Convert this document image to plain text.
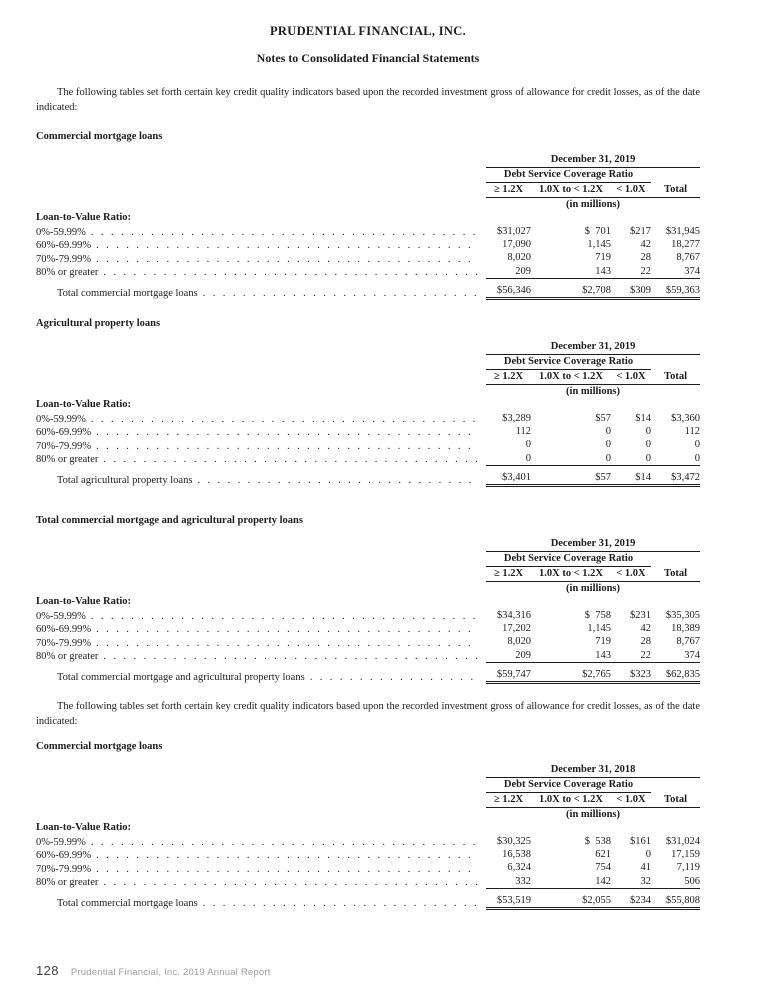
PRUDENTIAL FINANCIAL, INC.
Notes to Consolidated Financial Statements

The following tables set forth certain key credit quality indicators based upon the recorded investment gross of allowance for credit losses, as of the date indicated:

Commercial mortgage loans
	December 31, 2019			
	Debt Service Coverage Ratio			
	≥ 1.2X	1.0X to < 1.2X	< 1.0X	Total
	(in millions)			
Loan-to-Value Ratio:				

0%-59.99%
. . .	$31,027	$  701	$217	$31,945

60%-69.99%
. . .	17,090	1,145	42	18,277

70%-79.99%
. . .	8,020	719	28	8,767

80% or greater
. . .	209	143	22	374

Total commercial mortgage loans
. . .	$56,346	$2,708	$309	$59,363
Agricultural property loans
	December 31, 2019			
	Debt Service Coverage Ratio			
	≥ 1.2X	1.0X to < 1.2X	< 1.0X	Total
	(in millions)			
Loan-to-Value Ratio:				

0%-59.99%
. . .	$3,289	$57	$14	$3,360

60%-69.99%
. . .	112	0	0	112

70%-79.99%
. . .	0	0	0	0

80% or greater
. . .	0	0	0	0

Total agricultural property loans
. . .	$3,401	$57	$14	$3,472
Total commercial mortgage and agricultural property loans
	December 31, 2019			
	Debt Service Coverage Ratio			
	≥ 1.2X	1.0X to < 1.2X	< 1.0X	Total
	(in millions)			
Loan-to-Value Ratio:				

0%-59.99%
. . .	$34,316	$  758	$231	$35,305

60%-69.99%
. . .	17,202	1,145	42	18,389

70%-79.99%
. . .	8,020	719	28	8,767

80% or greater
. . .	209	143	22	374

Total commercial mortgage and agricultural property loans
. . .	$59,747	$2,765	$323	$62,835

The following tables set forth certain key credit quality indicators based upon the recorded investment gross of allowance for credit losses, as of the date indicated:

Commercial mortgage loans
	December 31, 2018			
	Debt Service Coverage Ratio			
	≥ 1.2X	1.0X to < 1.2X	< 1.0X	Total
	(in millions)			
Loan-to-Value Ratio:				

0%-59.99%
. . .	$30,325	$  538	$161	$31,024

60%-69.99%
. . .	16,538	621	0	17,159

70%-79.99%
. . .	6,324	754	41	7,119

80% or greater
. . .	332	142	32	506

Total commercial mortgage loans
. . .	$53,519	$2,055	$234	$55,808
128 Prudential Financial, Inc. 2019 Annual Report
